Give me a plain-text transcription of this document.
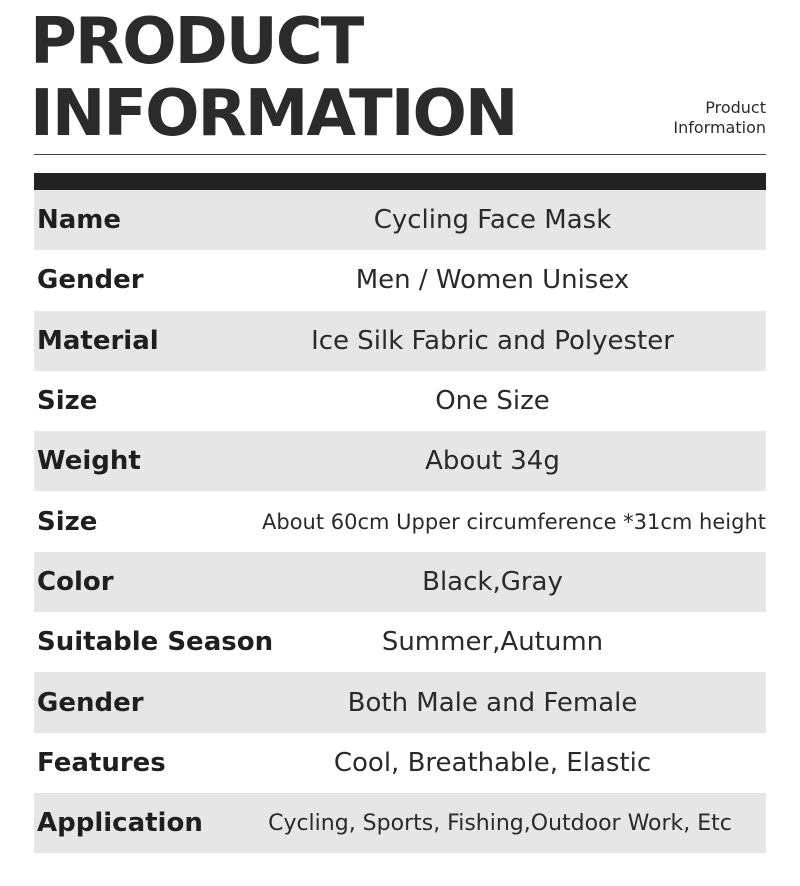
PRODUCT
INFORMATION	Product
Information
Name	Cycling Face Mask
Gender	Men / Women Unisex
Material	Ice Silk Fabric and Polyester
Size	One Size
Weight	About 34g
Size	About 60cm Upper circumference *31cm height
Color	Black,Gray
Suitable Season	Summer,Autumn
Gender	Both Male and Female
Features	Cool, Breathable, Elastic
Application	Cycling, Sports, Fishing,Outdoor Work, Etc
